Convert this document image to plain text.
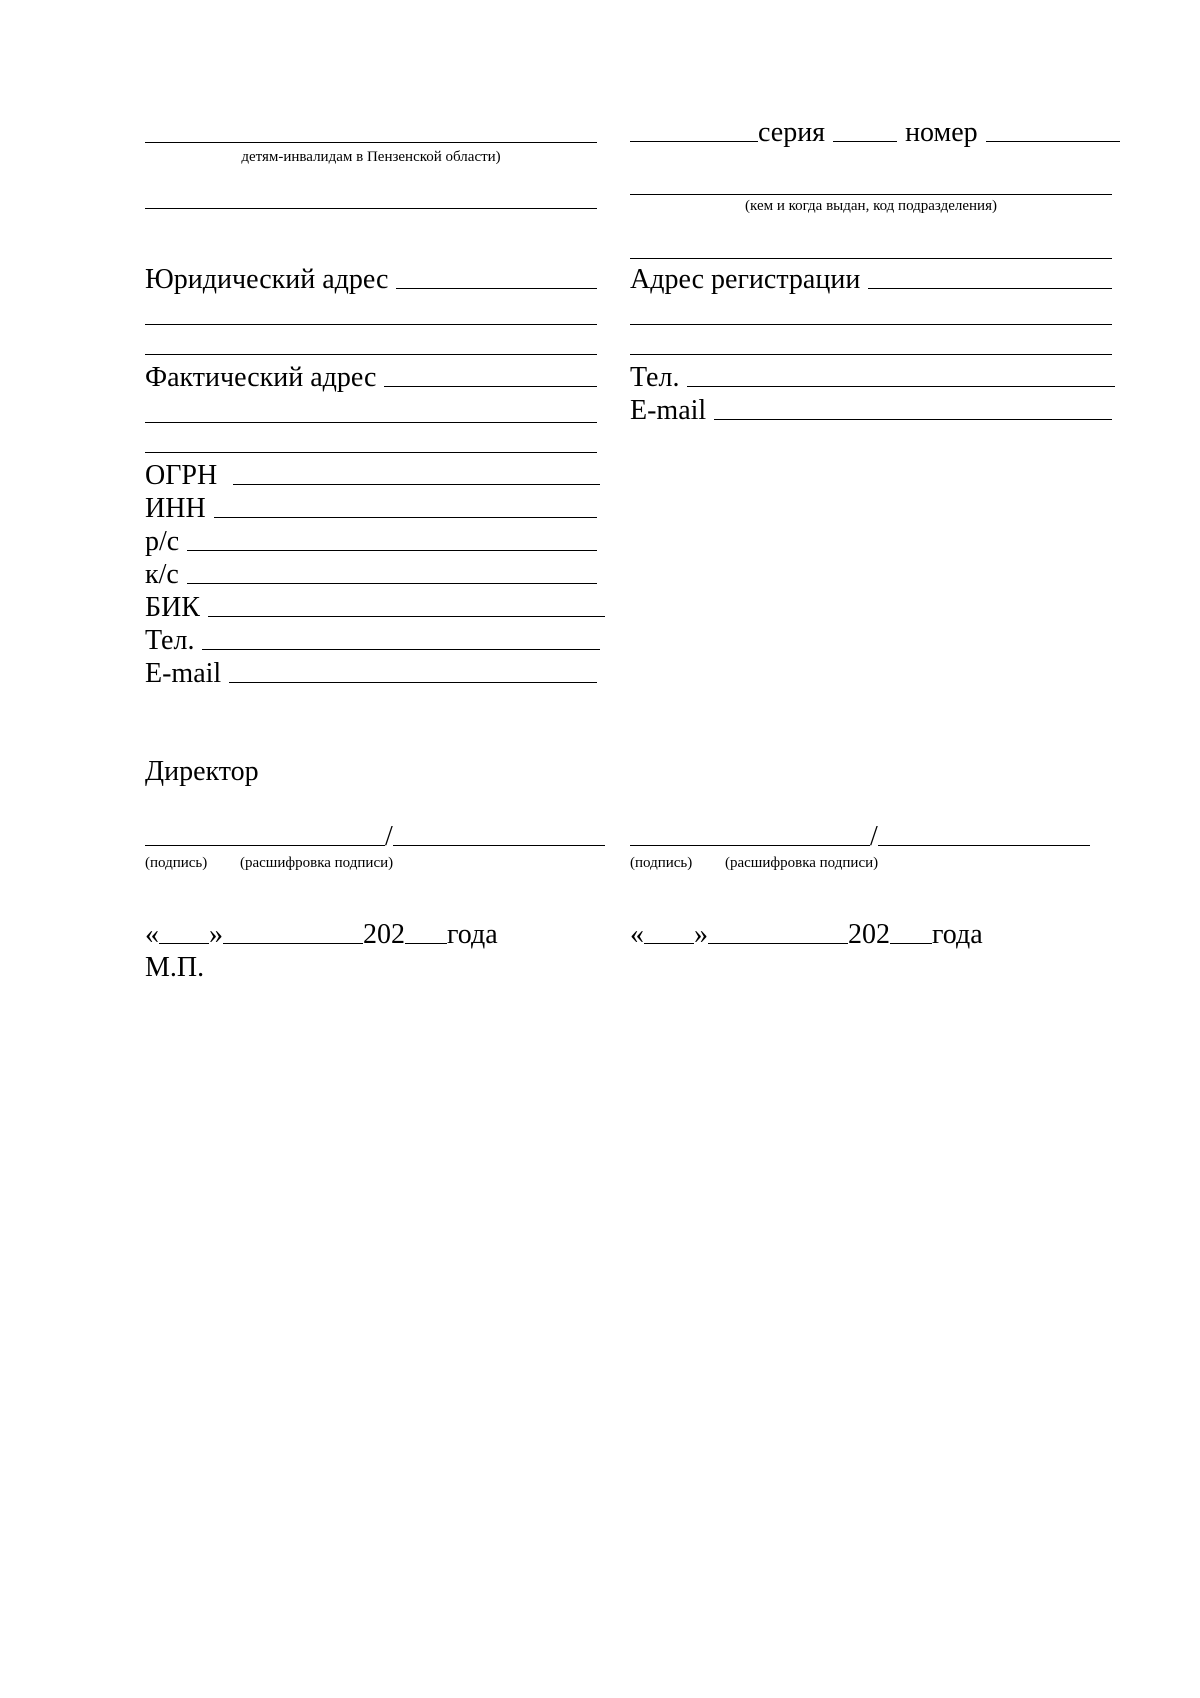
детям-инвалидам в Пензенской области)
Юридический адрес
Фактический адрес
ОГРН
ИНН
р/с
к/с
БИК
Тел.
E-mail
Директор
/
(подпись) (расшифровка подписи)
« »	202 года
М.П.
серия	номер
(кем и когда выдан, код подразделения)
Адрес регистрации
Тел.
E-mail
/
(подпись) (расшифровка подписи)
« »	202 года
